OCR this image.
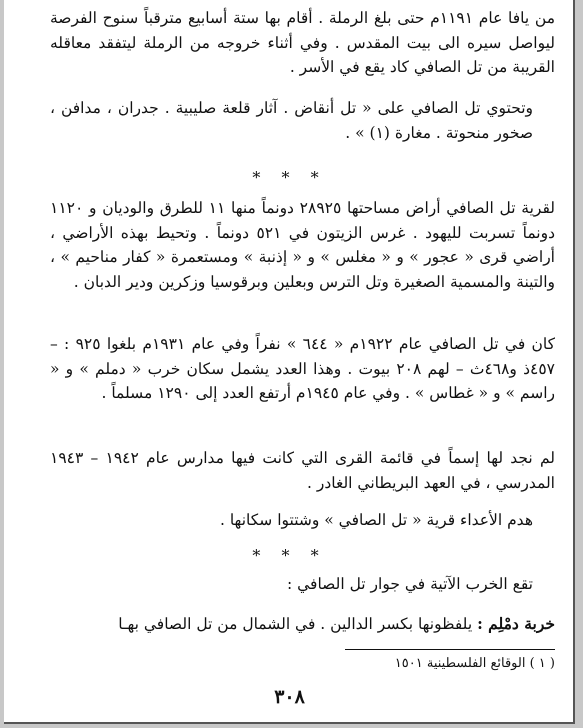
من يافا عام ١١٩١م حتى بلغ الرملة . أقام بها ستة أسابيع مترقباً سنوح الفرصة ليواصل سيره الى بيت المقدس . وفي أثناء خروجه من الرملة ليتفقد معاقله القريبة من تل الصافي كاد يقع في الأسر .

وتحتوي تل الصافي على « تل أنقاض . آثار قلعة صليبية . جدران ، مدافن ، صخور منحوتة . مغارة (١) » .

* * *

لقرية تل الصافي أراض مساحتها ٢٨٩٢٥ دونماً منها ١١ للطرق والوديان و ١١٢٠ دونماً تسربت لليهود . غرس الزيتون في ٥٢١ دونماً . وتحيط بهذه الأراضي ، أراضي قرى « عجور » و « مغلس » و « إذنبة » ومستعمرة « كفار مناحيم » ، والتينة والمسمية الصغيرة وتل الترس وبعلين وبرقوسيا وزكرين ودير الدبان .

كان في تل الصافي عام ١٩٢٢م « ٦٤٤ » نفراً وفي عام ١٩٣١م بلغوا ٩٢٥ : – ٤٥٧ذ و٤٦٨ث – لهم ٢٠٨ بيوت . وهذا العدد يشمل سكان خرب « دملم » و « راسم » و « غطاس » . وفي عام ١٩٤٥م أرتفع العدد إلى ١٢٩٠ مسلماً .

لم نجد لها إسماً في قائمة القرى التي كانت فيها مدارس عام ١٩٤٢ – ١٩٤٣ المدرسي ، في العهد البريطاني الغادر .

هدم الأعداء قرية « تل الصافي » وشتتوا سكانها .

* * *

تقع الخرب الآتية في جوار تل الصافي :

خربة دمْلِم : يلفظونها بكسر الدالين . في الشمال من تل الصافي بهـا

( ١ ) الوقائع الفلسطينية ١٥٠١
٣٠٨
